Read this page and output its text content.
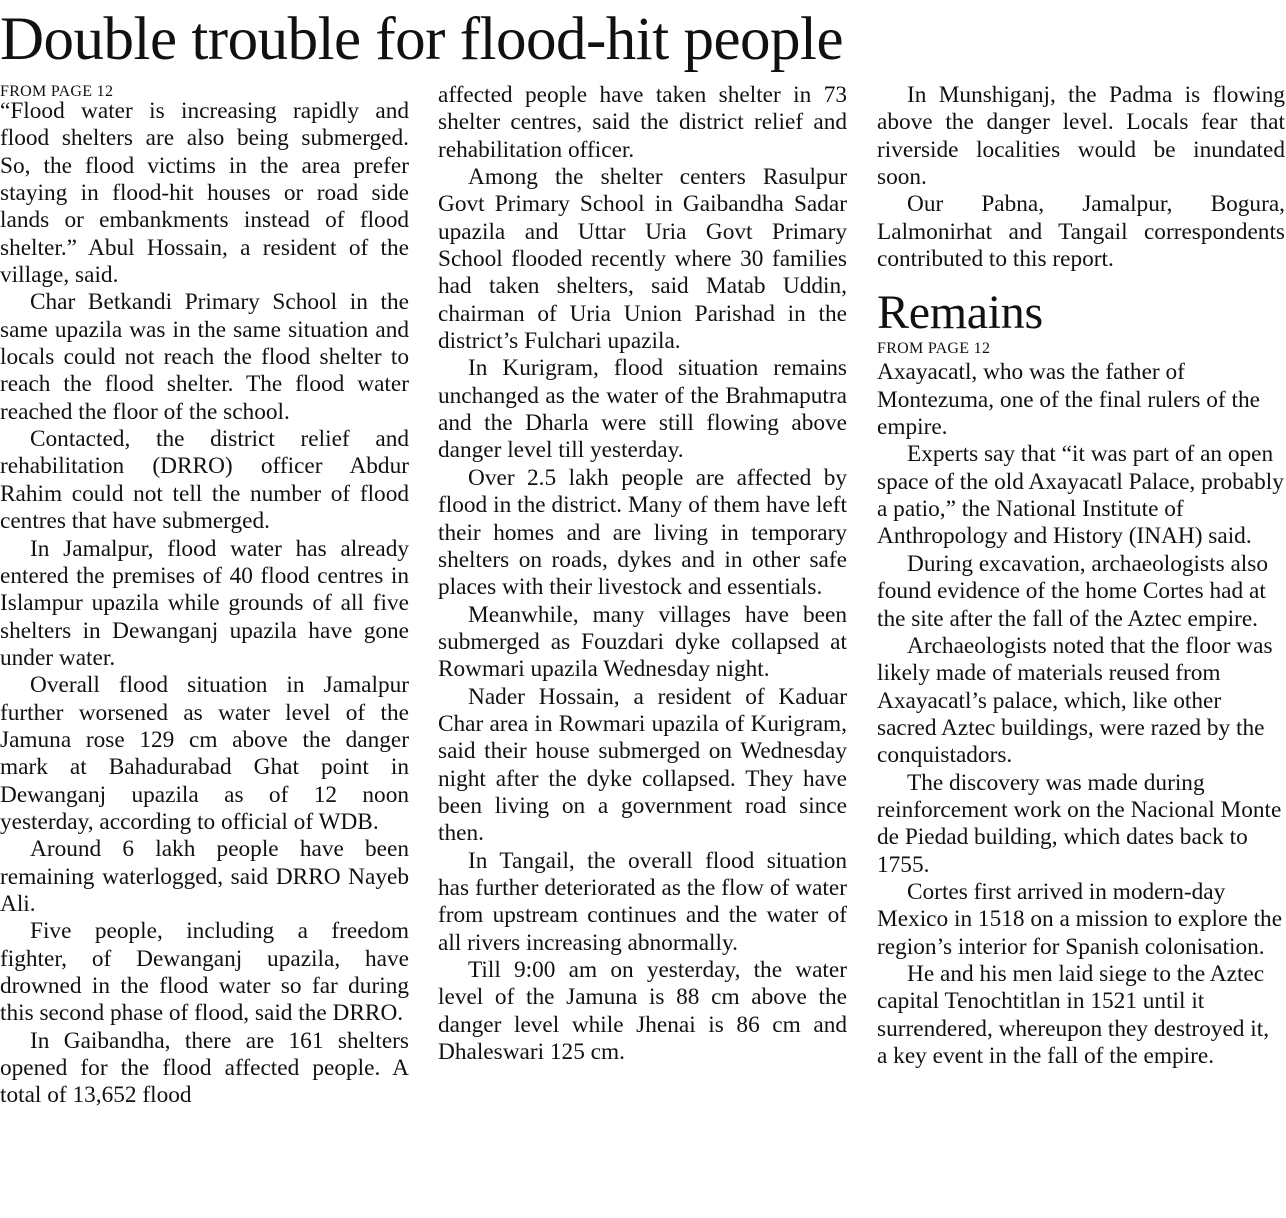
Double trouble for flood-hit people

FROM PAGE 12

“Flood water is increasing rapidly and flood shelters are also being submerged. So, the flood victims in the area prefer staying in flood-hit houses or road side lands or embankments instead of flood shelter.” Abul Hossain, a resident of the village, said.

Char Betkandi Primary School in the same upazila was in the same situation and locals could not reach the flood shelter to reach the flood shelter. The flood water reached the floor of the school.

Contacted, the district relief and rehabilitation (DRRO) officer Abdur Rahim could not tell the number of flood centres that have submerged.

In Jamalpur, flood water has already entered the premises of 40 flood centres in Islampur upazila while grounds of all five shelters in Dewanganj upazila have gone under water.

Overall flood situation in Jamalpur further worsened as water level of the Jamuna rose 129 cm above the danger mark at Bahadurabad Ghat point in Dewanganj upazila as of 12 noon yesterday, according to official of WDB.

Around 6 lakh people have been remaining waterlogged, said DRRO Nayeb Ali.

Five people, including a freedom fighter, of Dewanganj upazila, have drowned in the flood water so far during this second phase of flood, said the DRRO.

In Gaibandha, there are 161 shelters opened for the flood affected people. A total of 13,652 flood

affected people have taken shelter in 73 shelter centres, said the district relief and rehabilitation officer.

Among the shelter centers Rasulpur Govt Primary School in Gaibandha Sadar upazila and Uttar Uria Govt Primary School flooded recently where 30 families had taken shelters, said Matab Uddin, chairman of Uria Union Parishad in the district’s Fulchari upazila.

In Kurigram, flood situation remains unchanged as the water of the Brahmaputra and the Dharla were still flowing above danger level till yesterday.

Over 2.5 lakh people are affected by flood in the district. Many of them have left their homes and are living in temporary shelters on roads, dykes and in other safe places with their livestock and essentials.

Meanwhile, many villages have been submerged as Fouzdari dyke collapsed at Rowmari upazila Wednesday night.

Nader Hossain, a resident of Kaduar Char area in Rowmari upazila of Kurigram, said their house submerged on Wednesday night after the dyke collapsed. They have been living on a government road since then.

In Tangail, the overall flood situation has further deteriorated as the flow of water from upstream continues and the water of all rivers increasing abnormally.

Till 9:00 am on yesterday, the water level of the Jamuna is 88 cm above the danger level while Jhenai is 86 cm and Dhaleswari 125 cm.

In Munshiganj, the Padma is flowing above the danger level. Locals fear that riverside localities would be inundated soon.

Our Pabna, Jamalpur, Bogura, Lalmonirhat and Tangail correspondents contributed to this report.

Remains

FROM PAGE 12

Axayacatl, who was the father of Montezuma, one of the final rulers of the empire.

Experts say that “it was part of an open space of the old Axayacatl Palace, probably a patio,” the National Institute of Anthropology and History (INAH) said.

During excavation, archaeologists also found evidence of the home Cortes had at the site after the fall of the Aztec empire.

Archaeologists noted that the floor was likely made of materials reused from Axayacatl’s palace, which, like other sacred Aztec buildings, were razed by the conquistadors.

The discovery was made during reinforcement work on the Nacional Monte de Piedad building, which dates back to 1755.

Cortes first arrived in modern-day Mexico in 1518 on a mission to explore the region’s interior for Spanish colonisation.

He and his men laid siege to the Aztec capital Tenochtitlan in 1521 until it surrendered, whereupon they destroyed it, a key event in the fall of the empire.
